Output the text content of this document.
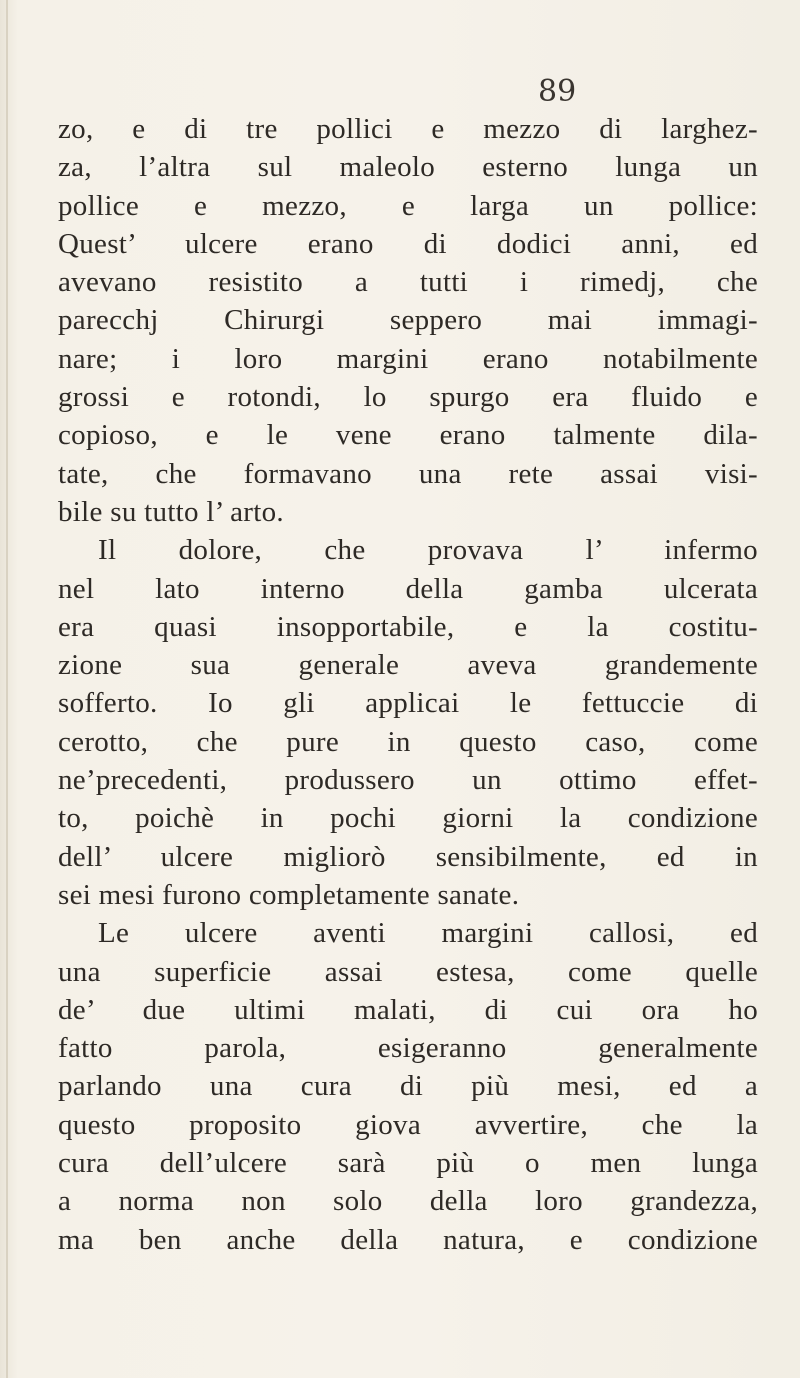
89
zo, e di tre pollici e mezzo di larghez-
za, l’altra sul maleolo esterno lunga un
pollice e mezzo, e larga un pollice:
Quest’ ulcere erano di dodici anni, ed
avevano resistito a tutti i rimedj, che
parecchj Chirurgi seppero mai immagi-
nare; i loro margini erano notabilmente
grossi e rotondi, lo spurgo era fluido e
copioso, e le vene erano talmente dila-
tate, che formavano una rete assai visi-
bile su tutto l’ arto.
Il dolore, che provava l’ infermo
nel lato interno della gamba ulcerata
era quasi insopportabile, e la costitu-
zione sua generale aveva grandemente
sofferto. Io gli applicai le fettuccie di
cerotto, che pure in questo caso, come
ne’precedenti, produssero un ottimo effet-
to, poichè in pochi giorni la condizione
dell’ ulcere migliorò sensibilmente, ed in
sei mesi furono completamente sanate.
Le ulcere aventi margini callosi, ed
una superficie assai estesa, come quelle
de’ due ultimi malati, di cui ora ho
fatto parola, esigeranno generalmente
parlando una cura di più mesi, ed a
questo proposito giova avvertire, che la
cura dell’ulcere sarà più o men lunga
a norma non solo della loro grandezza,
ma ben anche della natura, e condizione
